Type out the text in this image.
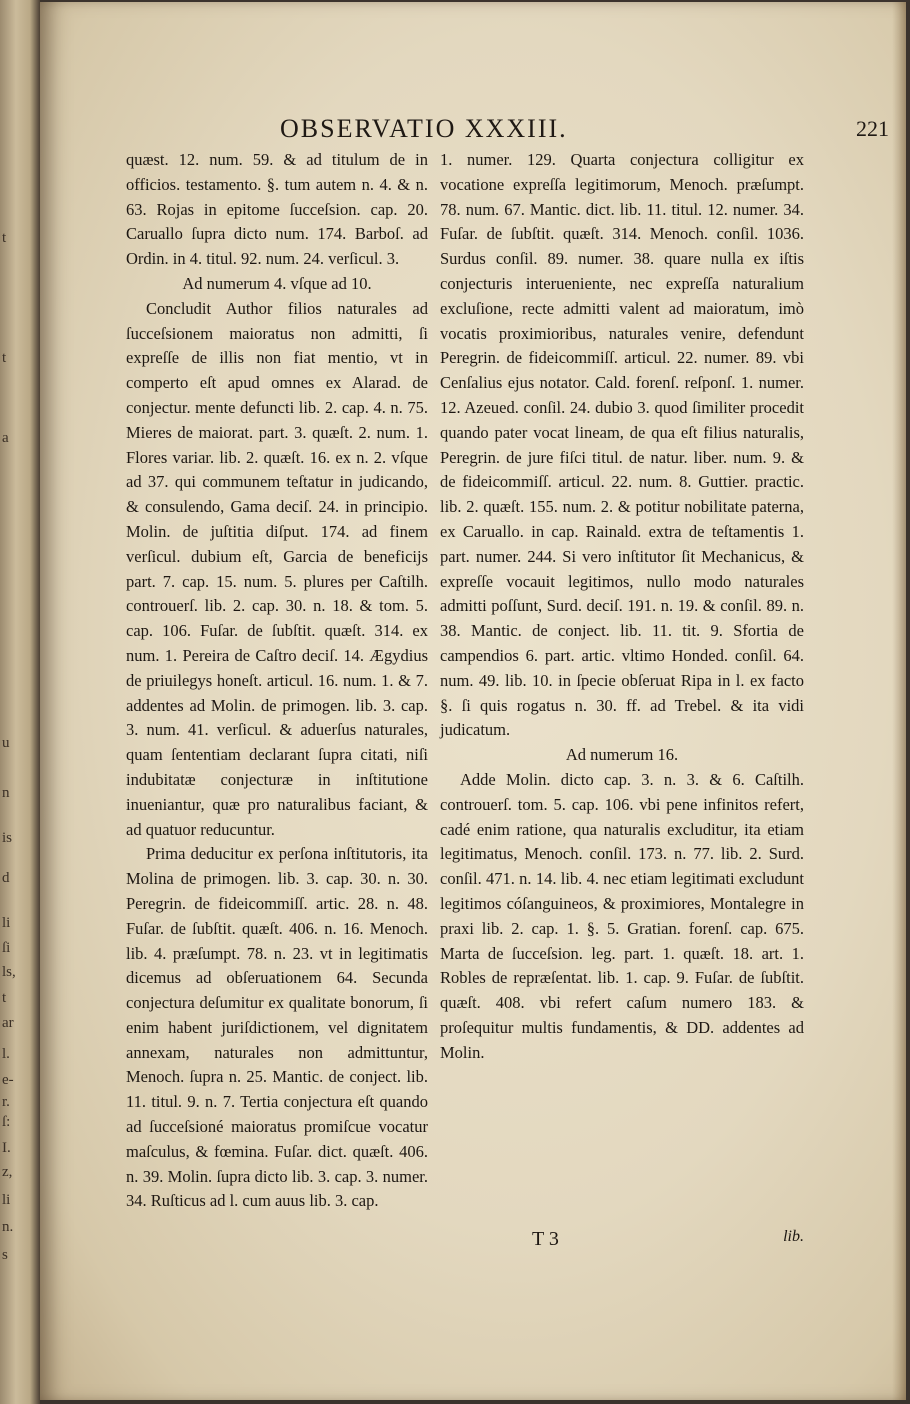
t
t
a
u
n
is
d
li
ſi
ls,
t
ar
l.
e-
r.
ſ:
I.
z,
li
n.
s
OBSERVATIO XXXIII.	221

quæst. 12. num. 59. & ad titulum de in officios. testamento. §. tum autem n. 4. & n. 63. Rojas in epitome ſucceſsion. cap. 20. Caruallo ſupra dicto num. 174. Barboſ. ad Ordin. in 4. titul. 92. num. 24. verſicul. 3.

Ad numerum 4. vſque ad 10.

Concludit Author filios naturales ad ſucceſsionem maioratus non admitti, ſi expreſſe de illis non fiat mentio, vt in comperto eſt apud omnes ex Alarad. de conjectur. mente defuncti lib. 2. cap. 4. n. 75. Mieres de maiorat. part. 3. quæſt. 2. num. 1. Flores variar. lib. 2. quæſt. 16. ex n. 2. vſque ad 37. qui communem teſtatur in judicando, & consulendo, Gama deciſ. 24. in principio. Molin. de juſtitia diſput. 174. ad finem verſicul. dubium eſt, Garcia de beneficijs part. 7. cap. 15. num. 5. plures per Caſtilh. controuerſ. lib. 2. cap. 30. n. 18. & tom. 5. cap. 106. Fuſar. de ſubſtit. quæſt. 314. ex num. 1. Pereira de Caſtro deciſ. 14. Ægydius de priuilegys honeſt. articul. 16. num. 1. & 7. addentes ad Molin. de primogen. lib. 3. cap. 3. num. 41. verſicul. & aduerſus naturales, quam ſententiam declarant ſupra citati, niſi indubitatæ conjecturæ in inſtitutione inueniantur, quæ pro naturalibus faciant, & ad quatuor reducuntur.

Prima deducitur ex perſona inſtitutoris, ita Molina de primogen. lib. 3. cap. 30. n. 30. Peregrin. de fideicommiſſ. artic. 28. n. 48. Fuſar. de ſubſtit. quæſt. 406. n. 16. Menoch. lib. 4. præſumpt. 78. n. 23. vt in legitimatis dicemus ad obſeruationem 64. Secunda conjectura deſumitur ex qualitate bonorum, ſi enim habent juriſdictionem, vel dignitatem annexam, naturales non admittuntur, Menoch. ſupra n. 25. Mantic. de conject. lib. 11. titul. 9. n. 7. Tertia conjectura eſt quando ad ſucceſsioné maioratus promiſcue vocatur maſculus, & fœmina. Fuſar. dict. quæſt. 406. n. 39. Molin. ſupra dicto lib. 3. cap. 3. numer. 34. Ruſticus ad l. cum auus lib. 3. cap.

1. numer. 129. Quarta conjectura colligitur ex vocatione expreſſa legitimorum, Menoch. præſumpt. 78. num. 67. Mantic. dict. lib. 11. titul. 12. numer. 34. Fuſar. de ſubſtit. quæſt. 314. Menoch. conſil. 1036. Surdus conſil. 89. numer. 38. quare nulla ex iſtis conjecturis interueniente, nec expreſſa naturalium excluſione, recte admitti valent ad maioratum, imò vocatis proximioribus, naturales venire, defendunt Peregrin. de fideicommiſſ. articul. 22. numer. 89. vbi Cenſalius ejus notator. Cald. forenſ. reſponſ. 1. numer. 12. Azeued. conſil. 24. dubio 3. quod ſimiliter procedit quando pater vocat lineam, de qua eſt filius naturalis, Peregrin. de jure fiſci titul. de natur. liber. num. 9. & de fideicommiſſ. articul. 22. num. 8. Guttier. practic. lib. 2. quæſt. 155. num. 2. & potitur nobilitate paterna, ex Caruallo. in cap. Rainald. extra de teſtamentis 1. part. numer. 244. Si vero inſtitutor ſit Mechanicus, & expreſſe vocauit legitimos, nullo modo naturales admitti poſſunt, Surd. deciſ. 191. n. 19. & conſil. 89. n. 38. Mantic. de conject. lib. 11. tit. 9. Sfortia de campendios 6. part. artic. vltimo Honded. conſil. 64. num. 49. lib. 10. in ſpecie obſeruat Ripa in l. ex facto §. ſi quis rogatus n. 30. ff. ad Trebel. & ita vidi judicatum.

Ad numerum 16.

Adde Molin. dicto cap. 3. n. 3. & 6. Caſtilh. controuerſ. tom. 5. cap. 106. vbi pene infinitos refert, cadé enim ratione, qua naturalis excluditur, ita etiam legitimatus, Menoch. conſil. 173. n. 77. lib. 2. Surd. conſil. 471. n. 14. lib. 4. nec etiam legitimati excludunt legitimos cóſanguineos, & proximiores, Montalegre in praxi lib. 2. cap. 1. §. 5. Gratian. forenſ. cap. 675. Marta de ſucceſsion. leg. part. 1. quæſt. 18. art. 1. Robles de repræſentat. lib. 1. cap. 9. Fuſar. de ſubſtit. quæſt. 408. vbi refert caſum numero 183. & proſequitur multis fundamentis, & DD. addentes ad Molin.

T 3	lib.
